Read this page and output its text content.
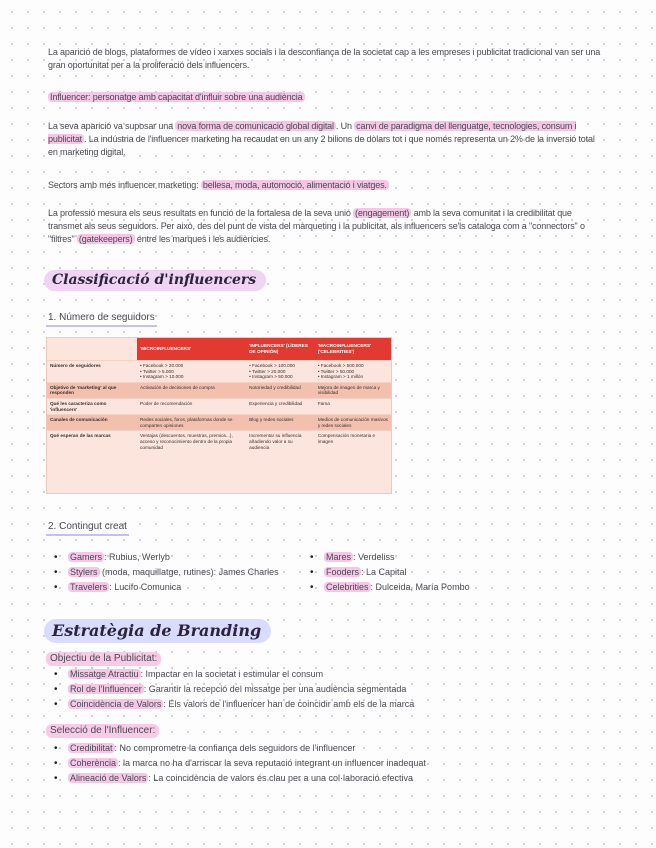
La aparició de blogs, plataformes de vídeo i xarxes socials i la desconfiança de la societat cap a les empreses i publicitat tradicional van ser una gran oportunitat per a la proliferació dels influencers.

Influencer: personatge amb capacitat d'influir sobre una audiència

La seva aparició va suposar una nova forma de comunicació global digital . Un canvi de paradigma del llenguatge, tecnologies, consum i publicitat . La indústria de l'influencer marketing ha recaudat en un any 2 bilions de dòlars tot i que només representa un 2% de la inversió total en marketing digital.

Sectors amb més influencer marketing: bellesa, moda, automoció, alimentació i viatges.

La professió mesura els seus resultats en funció de la fortalesa de la seva unió (engagement) amb la seva comunitat i la credibilitat que transmet als seus seguidors. Per això, des del punt de vista del màrqueting i la publicitat, als influencers se'ls cataloga com a "connectors" o "filtres" (gatekeepers) entre les marques i les audiències.

Classificació d'influencers

1. Número de seguidors

	'MICROINFLUENCERS'	'INFLUENCERS' (LÍDERES DE OPINIÓN)	'MACROINFLUENCERS' ('CELEBRITIES')
Número de seguidores	• Facebook > 20.000
• Twitter > 5.000
• Instagram > 10.000	• Facebook > 100.000
• Twitter > 20.000
• Instagram > 50.000	• Facebook > 500.000
• Twitter > 50.000
• Instagram > 1 millón
Objetivo de 'marketing' al que responden	Activación de decisiones de compra	Notoriedad y credibilidad	Mejora de imagen de marca y visibilidad
Qué les caracteriza como 'influencers'	Poder de recomendación	Experiencia y credibilidad	Fama
Canales de comunicación	Redes sociales, foros, plataformas donde se comparten opiniones	Blog y redes sociales	Medios de comunicación masivos y redes sociales
Qué esperan de las marcas	Ventajas (descuentos, muestras, premios...), acceso y reconocimiento dentro de la propia comunidad	Incrementar su influencia añadiendo valor a su audiencia	Compensación monetaria e imagen

2. Contingut creat

• Gamers : Rubius, Werlyb
• Stylers (moda, maquillatge, rutines): James Charles
• Travelers : Lucifo Comunica
• Mares : Verdeliss
• Fooders : La Capital
• Celebrities : Dulceida, María Pombo
Estratègia de Branding

Objectiu de la Publicitat:

• Missatge Atractiu : Impactar en la societat i estimular el consum
• Rol de l'Influencer : Garantir la recepció del missatge per una audiència segmentada
• Coincidència de Valors : Els valors de l'influencer han de coincidir amb els de la marca

Selecció de l'Influencer:

• Credibilitat : No comprometre la confiança dels seguidors de l'influencer
• Coherència : la marca no ha d'arriscar la seva reputació integrant un influencer inadequat
• Alineació de Valors : La coincidència de valors és clau per a una col·laboració efectiva
